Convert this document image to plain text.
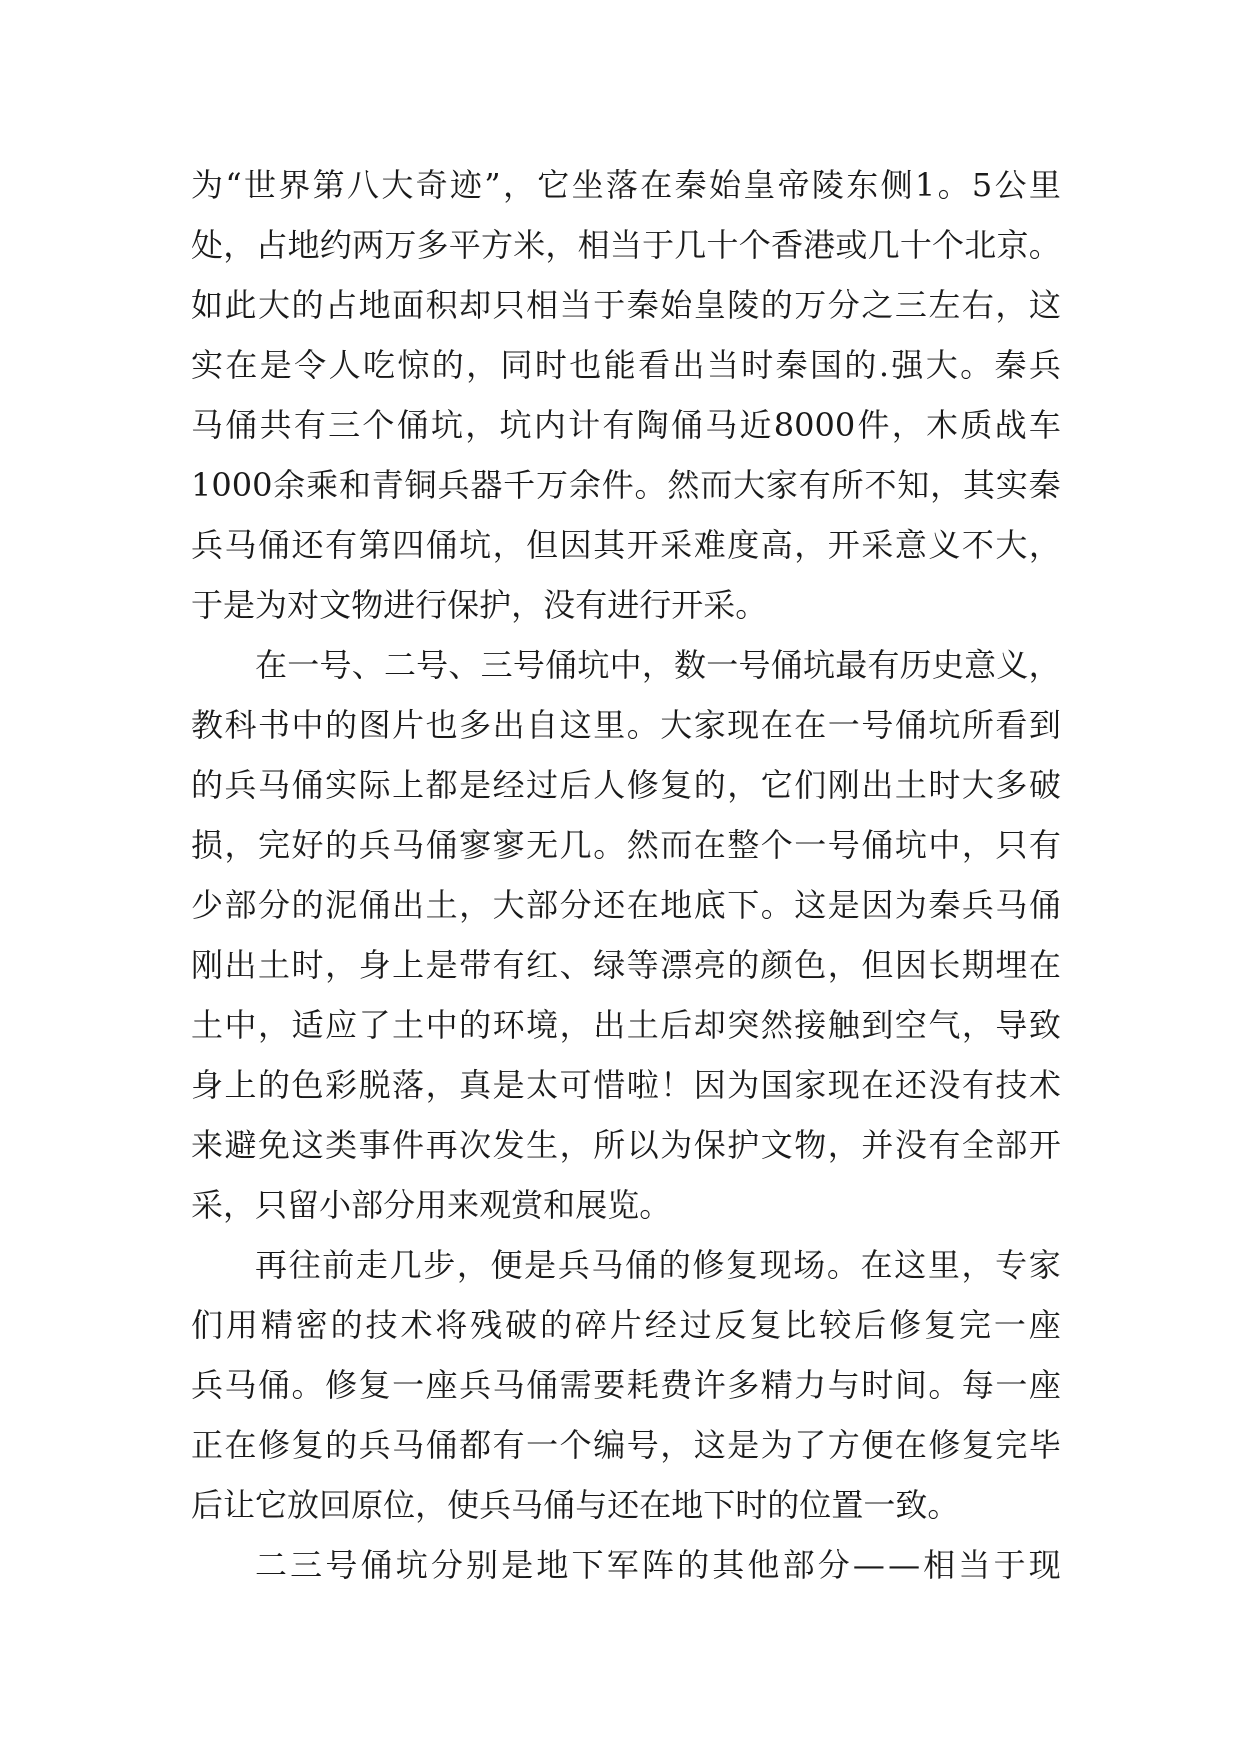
为 “ 世 界 第 八 大 奇 迹 ” ， 它 坐 落 在 秦 始 皇 帝 陵 东 侧 1 。 5 公 里
处 ， 占 地 约 两 万 多 平 方 米 ， 相 当 于 几 十 个 香 港 或 几 十 个 北 京 。
如 此 大 的 占 地 面 积 却 只 相 当 于 秦 始 皇 陵 的 万 分 之 三 左 右 ， 这
实 在 是 令 人 吃 惊 的 ， 同 时 也 能 看 出 当 时 秦 国 的 . 强 大 。 秦 兵
马 俑 共 有 三 个 俑 坑 ， 坑 内 计 有 陶 俑 马 近 8000 件 ， 木 质 战 车
1000 余 乘 和 青 铜 兵 器 千 万 余 件 。 然 而 大 家 有 所 不 知 ， 其 实 秦
兵 马 俑 还 有 第 四 俑 坑 ， 但 因 其 开 采 难 度 高 ， 开 采 意 义 不 大 ，
于 是 为 对 文 物 进 行 保 护 ， 没 有 进 行 开 采 。
在 一 号 、 二 号 、 三 号 俑 坑 中 ， 数 一 号 俑 坑 最 有 历 史 意 义 ，
教 科 书 中 的 图 片 也 多 出 自 这 里 。 大 家 现 在 在 一 号 俑 坑 所 看 到
的 兵 马 俑 实 际 上 都 是 经 过 后 人 修 复 的 ， 它 们 刚 出 土 时 大 多 破
损 ， 完 好 的 兵 马 俑 寥 寥 无 几 。 然 而 在 整 个 一 号 俑 坑 中 ， 只 有
少 部 分 的 泥 俑 出 土 ， 大 部 分 还 在 地 底 下 。 这 是 因 为 秦 兵 马 俑
刚 出 土 时 ， 身 上 是 带 有 红 、 绿 等 漂 亮 的 颜 色 ， 但 因 长 期 埋 在
土 中 ， 适 应 了 土 中 的 环 境 ， 出 土 后 却 突 然 接 触 到 空 气 ， 导 致
身 上 的 色 彩 脱 落 ， 真 是 太 可 惜 啦 ！ 因 为 国 家 现 在 还 没 有 技 术
来 避 免 这 类 事 件 再 次 发 生 ， 所 以 为 保 护 文 物 ， 并 没 有 全 部 开
采 ， 只 留 小 部 分 用 来 观 赏 和 展 览 。
再 往 前 走 几 步 ， 便 是 兵 马 俑 的 修 复 现 场 。 在 这 里 ， 专 家
们 用 精 密 的 技 术 将 残 破 的 碎 片 经 过 反 复 比 较 后 修 复 完 一 座
兵 马 俑 。 修 复 一 座 兵 马 俑 需 要 耗 费 许 多 精 力 与 时 间 。 每 一 座
正 在 修 复 的 兵 马 俑 都 有 一 个 编 号 ， 这 是 为 了 方 便 在 修 复 完 毕
后 让 它 放 回 原 位 ， 使 兵 马 俑 与 还 在 地 下 时 的 位 置 一 致 。
二 三 号 俑 坑 分 别 是 地 下 军 阵 的 其 他 部 分 — — 相 当 于 现
